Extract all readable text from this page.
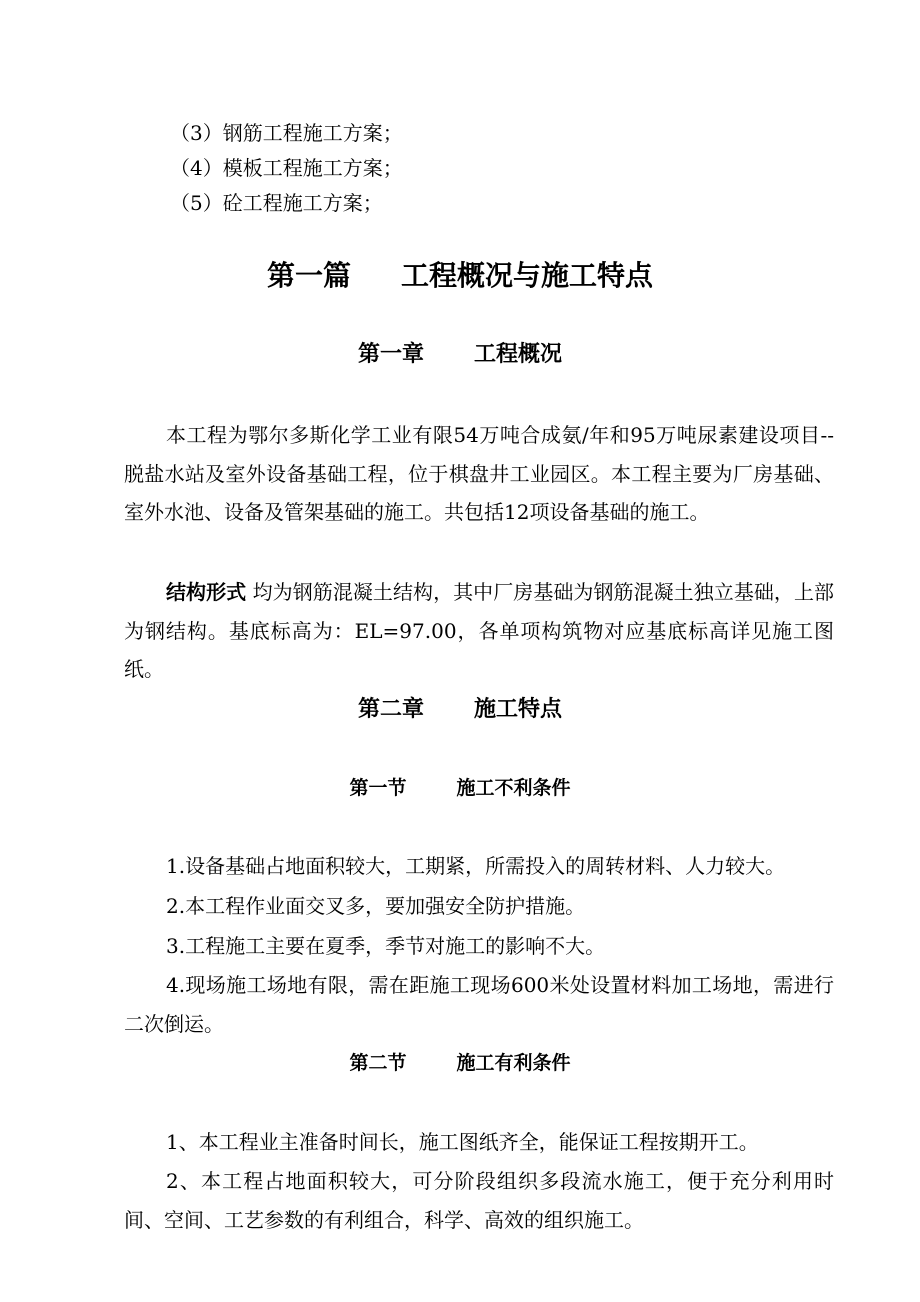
（3）钢筋工程施工方案；
（4）模板工程施工方案；
（5）砼工程施工方案；
第一篇 工程概况与施工特点
第一章 工程概况
本工程为鄂尔多斯化学工业有限54万吨合成氨/年和95万吨尿素建设项目--脱盐水站及室外设备基础工程，位于棋盘井工业园区。本工程主要为厂房基础、室外水池、设备及管架基础的施工。共包括12项设备基础的施工。
结构形式 均为钢筋混凝土结构，其中厂房基础为钢筋混凝土独立基础，上部为钢结构。基底标高为：EL=97.00，各单项构筑物对应基底标高详见施工图纸。
第二章 施工特点
第一节	施工不利条件
1.设备基础占地面积较大，工期紧，所需投入的周转材料、人力较大。
2.本工程作业面交叉多，要加强安全防护措施。
3.工程施工主要在夏季，季节对施工的影响不大。
4.现场施工场地有限，需在距施工现场600米处设置材料加工场地，需进行二次倒运。
第二节	施工有利条件
1、本工程业主准备时间长，施工图纸齐全，能保证工程按期开工。
2、本工程占地面积较大，可分阶段组织多段流水施工，便于充分利用时间、空间、工艺参数的有利组合，科学、高效的组织施工。
